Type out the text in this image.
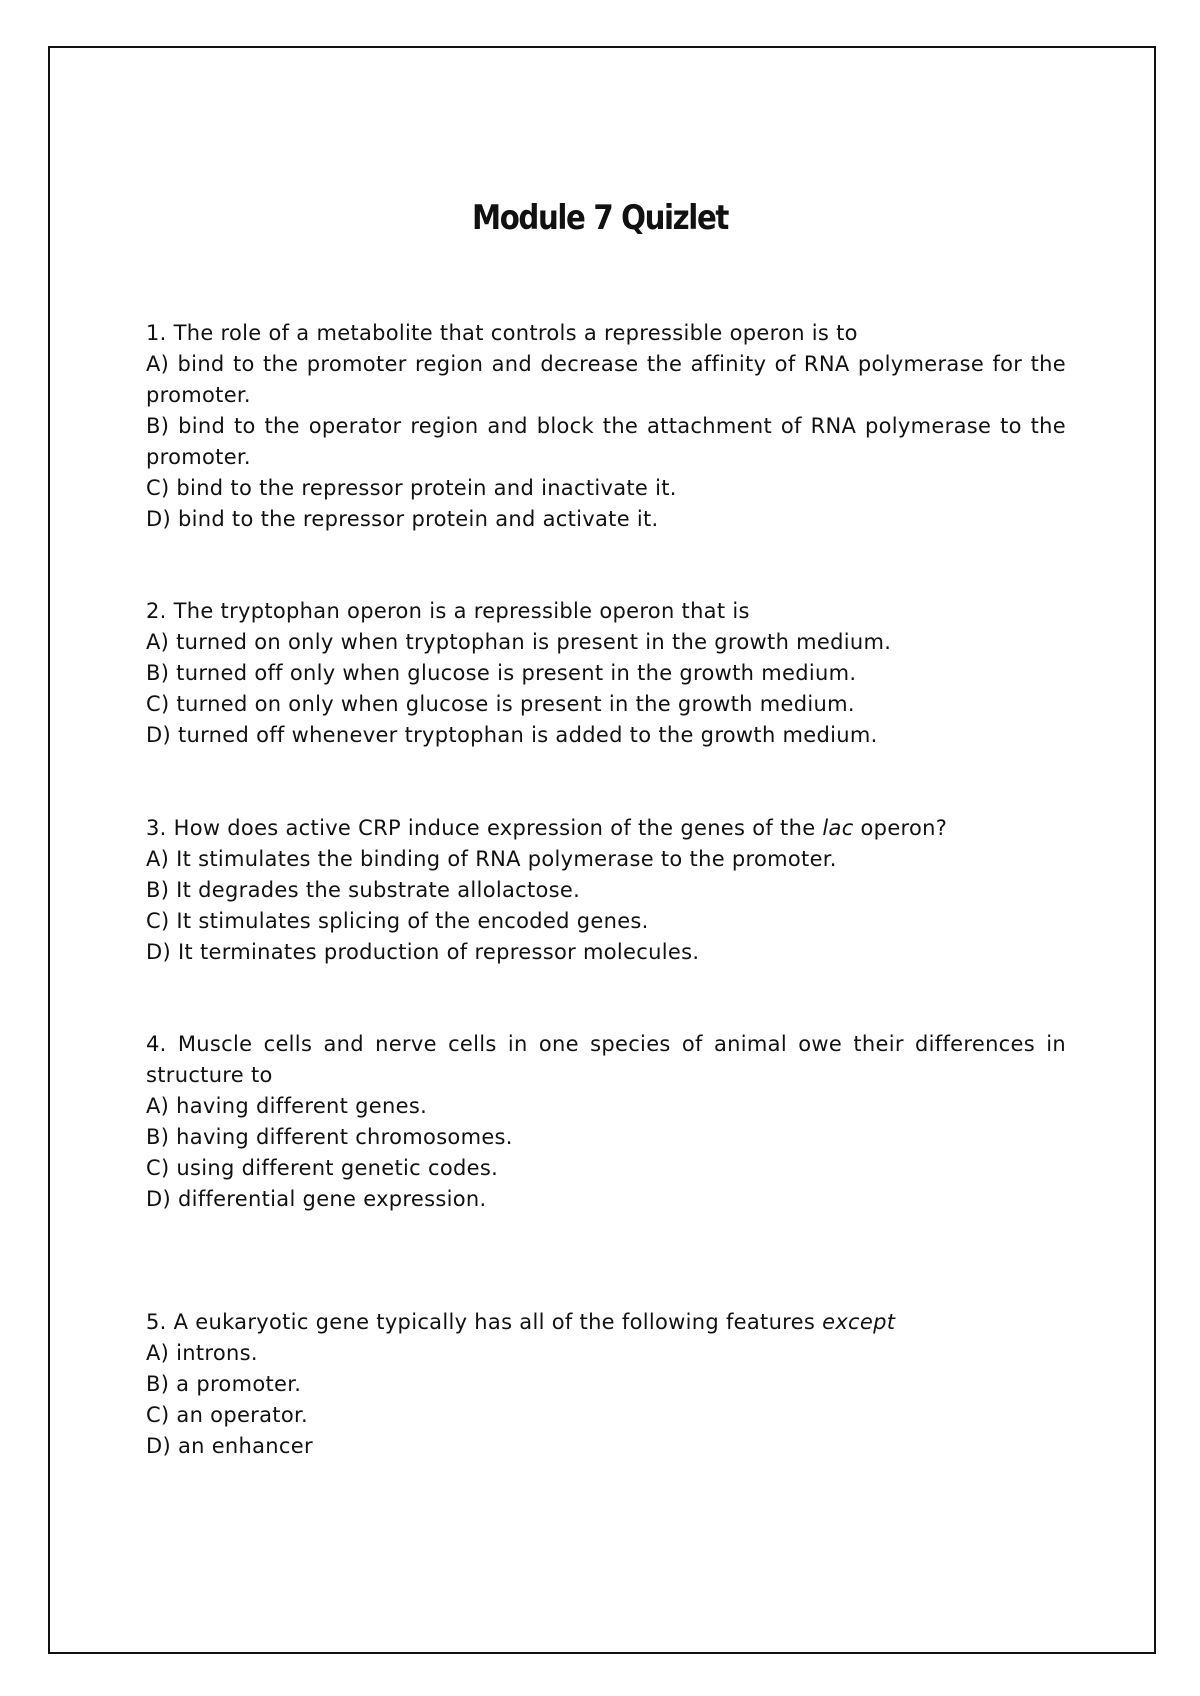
Module 7 Quizlet
1. The role of a metabolite that controls a repressible operon is to
A) bind to the promoter region and decrease the affinity of RNA polymerase for the promoter.
B) bind to the operator region and block the attachment of RNA polymerase to the promoter.
C) bind to the repressor protein and inactivate it.
D) bind to the repressor protein and activate it.
2. The tryptophan operon is a repressible operon that is
A) turned on only when tryptophan is present in the growth medium.
B) turned off only when glucose is present in the growth medium.
C) turned on only when glucose is present in the growth medium.
D) turned off whenever tryptophan is added to the growth medium.
3. How does active CRP induce expression of the genes of the lac operon?
A) It stimulates the binding of RNA polymerase to the promoter.
B) It degrades the substrate allolactose.
C) It stimulates splicing of the encoded genes.
D) It terminates production of repressor molecules.
4. Muscle cells and nerve cells in one species of animal owe their differences in structure to
A) having different genes.
B) having different chromosomes.
C) using different genetic codes.
D) differential gene expression.
5. A eukaryotic gene typically has all of the following features except
A) introns.
B) a promoter.
C) an operator.
D) an enhancer
